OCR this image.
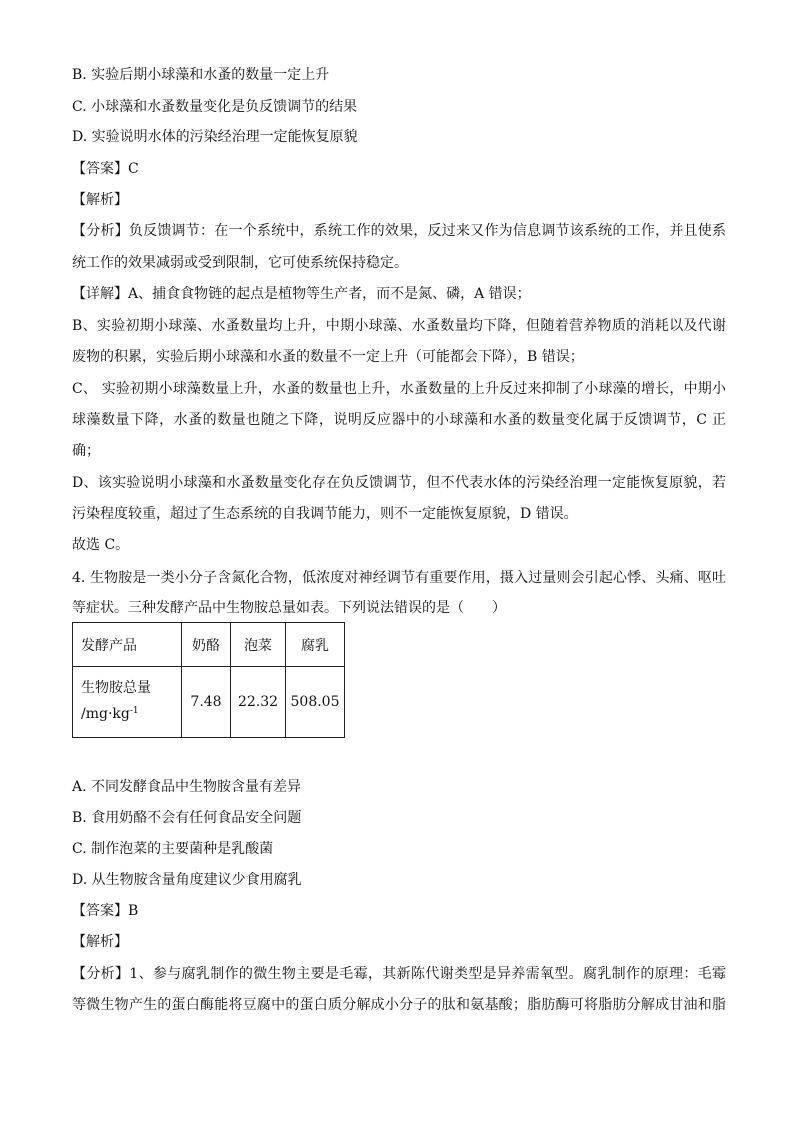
B. 实验后期小球藻和水蚤的数量一定上升
C. 小球藻和水蚤数量变化是负反馈调节的结果
D. 实验说明水体的污染经治理一定能恢复原貌
【答案】C
【解析】
【分析】负反馈调节：在一个系统中，系统工作的效果，反过来又作为信息调节该系统的工作，并且使系
统工作的效果减弱或受到限制，它可使系统保持稳定。
【详解】A、捕食食物链的起点是植物等生产者，而不是氮、磷，A 错误；
B、实验初期小球藻、水蚤数量均上升，中期小球藻、水蚤数量均下降，但随着营养物质的消耗以及代谢
废物的积累，实验后期小球藻和水蚤的数量不一定上升（可能都会下降），B 错误；
C、 实验初期小球藻数量上升，水蚤的数量也上升，水蚤数量的上升反过来抑制了小球藻的增长，中期小
球藻数量下降，水蚤的数量也随之下降，说明反应器中的小球藻和水蚤的数量变化属于反馈调节，C 正
确；
D、该实验说明小球藻和水蚤数量变化存在负反馈调节，但不代表水体的污染经治理一定能恢复原貌，若
污染程度较重，超过了生态系统的自我调节能力，则不一定能恢复原貌，D 错误。
故选 C。
4. 生物胺是一类小分子含氮化合物，低浓度对神经调节有重要作用，摄入过量则会引起心悸、头痛、呕吐
等症状。三种发酵产品中生物胺总量如表。下列说法错误的是（　　）
发酵产品	奶酪	泡菜	腐乳
生物胺总量
$/mg\cdot kg^{-1}$	7.48	22.32	508.05
A. 不同发酵食品中生物胺含量有差异
B. 食用奶酪不会有任何食品安全问题
C. 制作泡菜的主要菌种是乳酸菌
D. 从生物胺含量角度建议少食用腐乳
【答案】B
【解析】
【分析】1、参与腐乳制作的微生物主要是毛霉，其新陈代谢类型是异养需氧型。腐乳制作的原理：毛霉
等微生物产生的蛋白酶能将豆腐中的蛋白质分解成小分子的肽和氨基酸；脂肪酶可将脂肪分解成甘油和脂
